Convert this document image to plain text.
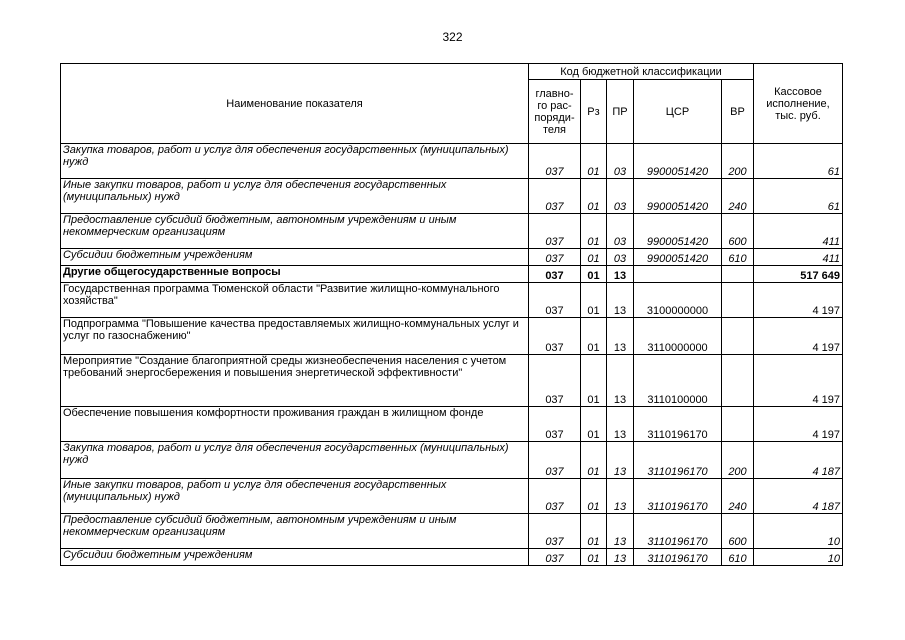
322
Наименование показателя	Код бюджетной классификации					Кассовое исполнение, тыс. руб.
	главно-го рас-поряди-теля	Рз	ПР	ЦСР	ВР	
Закупка товаров, работ и услуг для обеспечения государственных (муниципальных) нужд	037	01	03	9900051420	200	61
Иные закупки товаров, работ и услуг для обеспечения государственных (муниципальных) нужд	037	01	03	9900051420	240	61
Предоставление субсидий бюджетным, автономным учреждениям и иным некоммерческим организациям	037	01	03	9900051420	600	411
Субсидии бюджетным учреждениям	037	01	03	9900051420	610	411
Другие общегосударственные вопросы	037	01	13			517 649
Государственная программа Тюменской области "Развитие жилищно-коммунального хозяйства"	037	01	13	3100000000		4 197
Подпрограмма "Повышение качества предоставляемых жилищно-коммунальных услуг и услуг по газоснабжению"	037	01	13	3110000000		4 197
Мероприятие "Создание благоприятной среды жизнеобеспечения населения с учетом требований энергосбережения и повышения энергетической эффективности"	037	01	13	3110100000		4 197
Обеспечение повышения комфортности проживания граждан в жилищном фонде	037	01	13	3110196170		4 197
Закупка товаров, работ и услуг для обеспечения государственных (муниципальных) нужд	037	01	13	3110196170	200	4 187
Иные закупки товаров, работ и услуг для обеспечения государственных (муниципальных) нужд	037	01	13	3110196170	240	4 187
Предоставление субсидий бюджетным, автономным учреждениям и иным некоммерческим организациям	037	01	13	3110196170	600	10
Субсидии бюджетным учреждениям	037	01	13	3110196170	610	10
